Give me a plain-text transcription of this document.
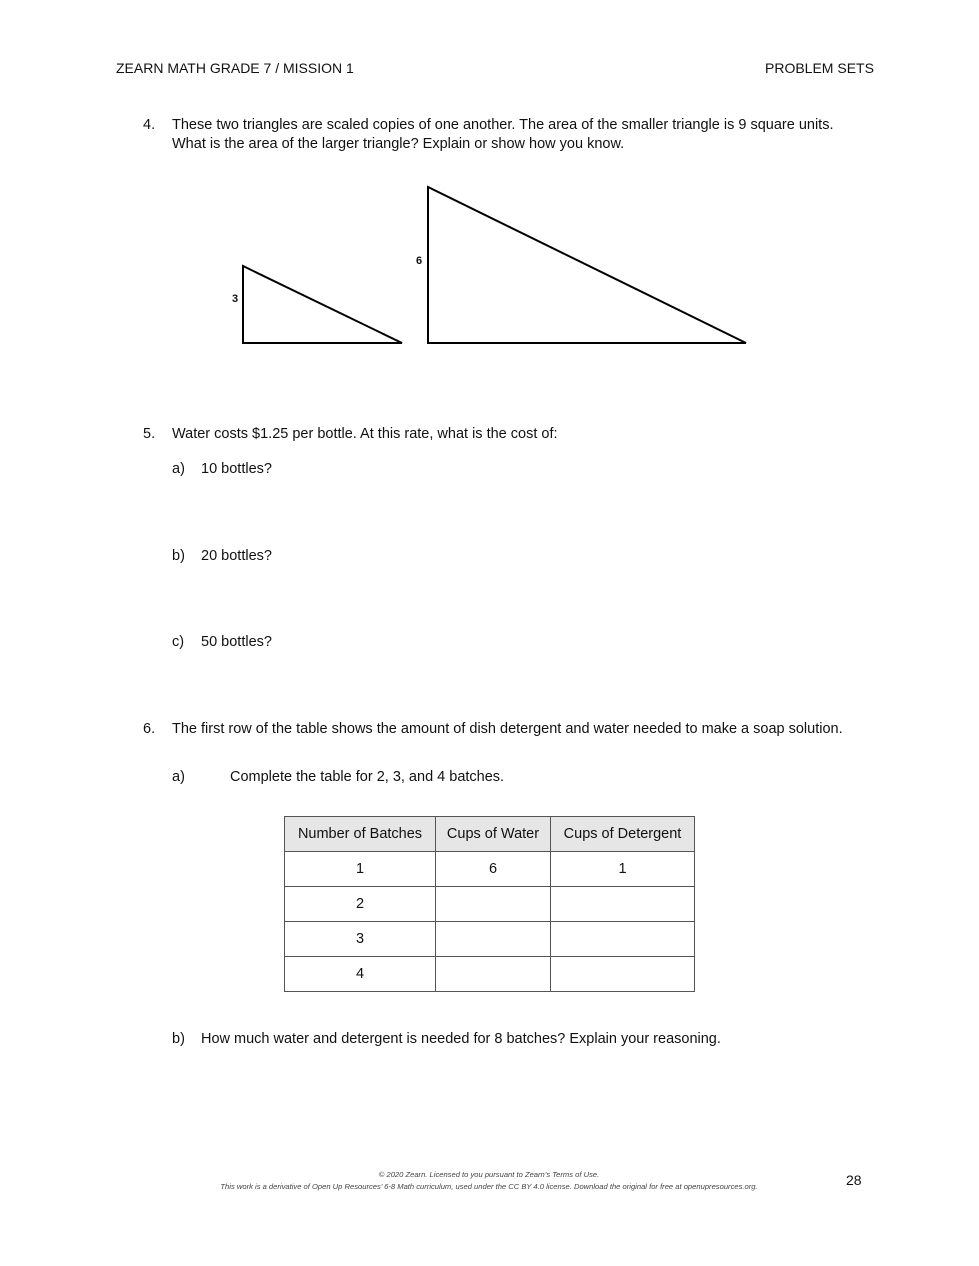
ZEARN MATH GRADE 7 / MISSION 1	PROBLEM SETS
4. These two triangles are scaled copies of one another. The area of the smaller triangle is 9 square units.
What is the area of the larger triangle? Explain or show how you know.
3
6
5. Water costs $1.25 per bottle. At this rate, what is the cost of:
a) 10 bottles?
b) 20 bottles?
c) 50 bottles?
6. The first row of the table shows the amount of dish detergent and water needed to make a soap solution.
a)	Complete the table for 2, 3, and 4 batches.
Number of Batches	Cups of Water	Cups of Detergent
1	6	1
2		
3		
4		
b) How much water and detergent is needed for 8 batches? Explain your reasoning.
© 2020 Zearn. Licensed to you pursuant to Zearn’s Terms of Use.
This work is a derivative of Open Up Resources’ 6-8 Math curriculum, used under the CC BY 4.0 license. Download the original for free at openupresources.org.	28
